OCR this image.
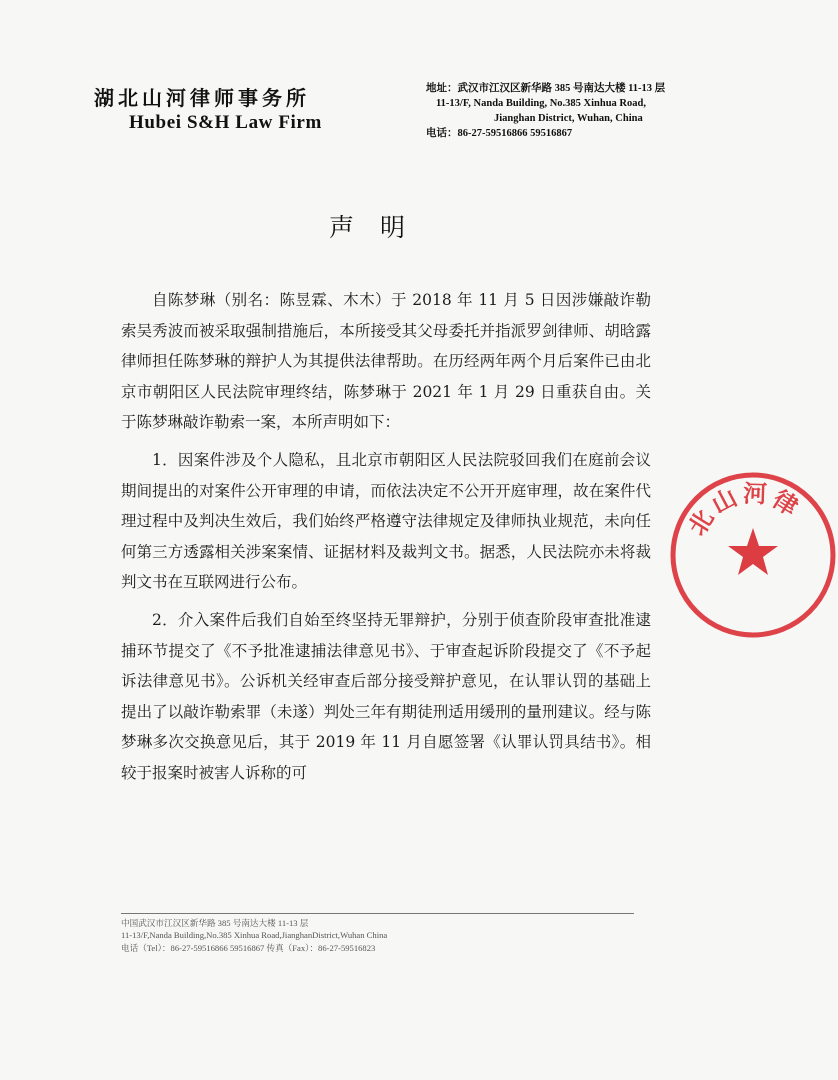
湖北山河律师事务所
Hubei S&H Law Firm
地址：武汉市江汉区新华路 385 号南达大楼 11-13 层
11-13/F, Nanda Building, No.385 Xinhua Road,
Jianghan District, Wuhan, China
电话：86-27-59516866 59516867
声明

自陈梦琳（别名：陈昱霖、木木）于 2018 年 11 月 5 日因涉嫌敲诈勒索吴秀波而被采取强制措施后，本所接受其父母委托并指派罗剑律师、胡晗露律师担任陈梦琳的辩护人为其提供法律帮助。在历经两年两个月后案件已由北京市朝阳区人民法院审理终结，陈梦琳于 2021 年 1 月 29 日重获自由。关于陈梦琳敲诈勒索一案，本所声明如下：

1．因案件涉及个人隐私，且北京市朝阳区人民法院驳回我们在庭前会议期间提出的对案件公开审理的申请，而依法决定不公开开庭审理，故在案件代理过程中及判决生效后，我们始终严格遵守法律规定及律师执业规范，未向任何第三方透露相关涉案案情、证据材料及裁判文书。据悉，人民法院亦未将裁判文书在互联网进行公布。

2．介入案件后我们自始至终坚持无罪辩护，分别于侦查阶段审查批准逮捕环节提交了《不予批准逮捕法律意见书》、于审查起诉阶段提交了《不予起诉法律意见书》。公诉机关经审查后部分接受辩护意见，在认罪认罚的基础上提出了以敲诈勒索罪（未遂）判处三年有期徒刑适用缓刑的量刑建议。经与陈梦琳多次交换意见后，其于 2019 年 11 月自愿签署《认罪认罚具结书》。相较于报案时被害人诉称的可

中国武汉市江汉区新华路 385 号南达大楼 11-13 层
11-13/F,Nanda Building,No.385 Xinhua Road,JianghanDistrict,Wuhan China
电话（Tel）：86-27-59516866 59516867 传真（Fax）：86-27-59516823
北
山 河 律
